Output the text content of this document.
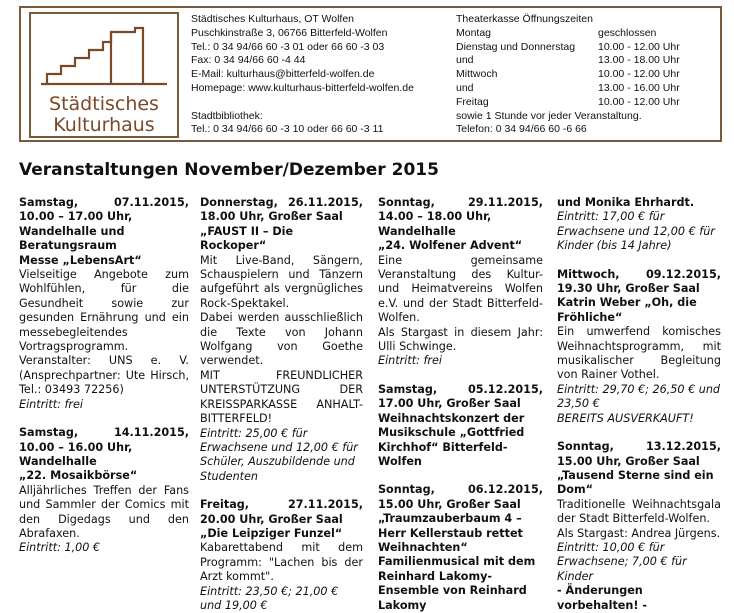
Städtisches
Kulturhaus
Städtisches Kulturhaus, OT Wolfen
Puschkinstraße 3, 06766 Bitterfeld-Wolfen
Tel.: 0 34 94/66 60 -3 01 oder 66 60 -3 03
Fax: 0 34 94/66 60 -4 44
E-Mail: kulturhaus@bitterfeld-wolfen.de
Homepage: www.kulturhaus-bitterfeld-wolfen.de
Stadtbibliothek:
Tel.: 0 34 94/66 60 -3 10 oder 66 60 -3 11
Theaterkasse Öffnungszeiten
Montag	geschlossen
Dienstag und Donnerstag	10.00 - 12.00 Uhr
und	13.00 - 18.00 Uhr
Mittwoch	10.00 - 12.00 Uhr
und	13.00 - 16.00 Uhr
Freitag	10.00 - 12.00 Uhr
sowie 1 Stunde vor jeder Veranstaltung.
Telefon: 0 34 94/66 60 -6 66
Veranstaltungen November/Dezember 2015
Samstag, 07.11.2015,
10.00 – 17.00 Uhr, Wandelhalle und Beratungsraum
Messe „LebensArt“
Vielseitige Angebote zum Wohlfühlen, für die Gesundheit sowie zur gesunden Ernährung und ein messebegleitendes Vortragsprogramm.
Veranstalter: UNS e. V. (Ansprechpartner: Ute Hirsch, Tel.: 03493 72256)
Eintritt: frei
Samstag, 14.11.2015,
10.00 – 16.00 Uhr, Wandelhalle
„22. Mosaikbörse“
Alljährliches Treffen der Fans und Sammler der Comics mit den Digedags und den Abrafaxen.
Eintritt: 1,00 €
Donnerstag, 26.11.2015,
18.00 Uhr, Großer Saal
„FAUST II – Die Rockoper“
Mit Live-Band, Sängern, Schauspielern und Tänzern aufgeführt als vergnügliches Rock-Spektakel.
Dabei werden ausschließlich die Texte von Johann Wolfgang von Goethe verwendet.
MIT FREUNDLICHER UNTERSTÜTZUNG DER KREISSPARKASSE ANHALT-BITTERFELD!
Eintritt: 25,00 € für Erwachsene und 12,00 € für Schüler, Auszubildende und Studenten
Freitag, 27.11.2015,
20.00 Uhr, Großer Saal
„Die Leipziger Funzel“
Kabarettabend mit dem Programm: "Lachen bis der Arzt kommt".
Eintritt: 23,50 €; 21,00 € und 19,00 €
Sonntag, 29.11.2015,
14.00 – 18.00 Uhr, Wandelhalle
„24. Wolfener Advent“
Eine gemeinsame Veranstaltung des Kultur- und Heimatvereins Wolfen e.V. und der Stadt Bitterfeld-Wolfen.
Als Stargast in diesem Jahr: Ulli Schwinge.
Eintritt: frei
Samstag, 05.12.2015,
17.00 Uhr, Großer Saal
Weihnachtskonzert der Musikschule „Gottfried Kirchhof“ Bitterfeld-Wolfen
Sonntag, 06.12.2015,
15.00 Uhr, Großer Saal
„Traumzauberbaum 4 – Herr Kellerstaub rettet Weihnachten“
Familienmusical mit dem Reinhard Lakomy-Ensemble von Reinhard Lakomy
und Monika Ehrhardt.
Eintritt: 17,00 € für Erwachsene und 12,00 € für Kinder (bis 14 Jahre)
Mittwoch, 09.12.2015,
19.30 Uhr, Großer Saal
Katrin Weber „Oh, die Fröhliche“
Ein umwerfend komisches Weihnachtsprogramm, mit musikalischer Begleitung von Rainer Vothel.
Eintritt: 29,70 €; 26,50 € und 23,50 €
BEREITS AUSVERKAUFT!
Sonntag, 13.12.2015,
15.00 Uhr, Großer Saal
„Tausend Sterne sind ein Dom“
Traditionelle Weihnachtsgala der Stadt Bitterfeld-Wolfen.
Als Stargast: Andrea Jürgens.
Eintritt: 10,00 € für Erwachsene; 7,00 € für Kinder
- Änderungen vorbehalten! -
